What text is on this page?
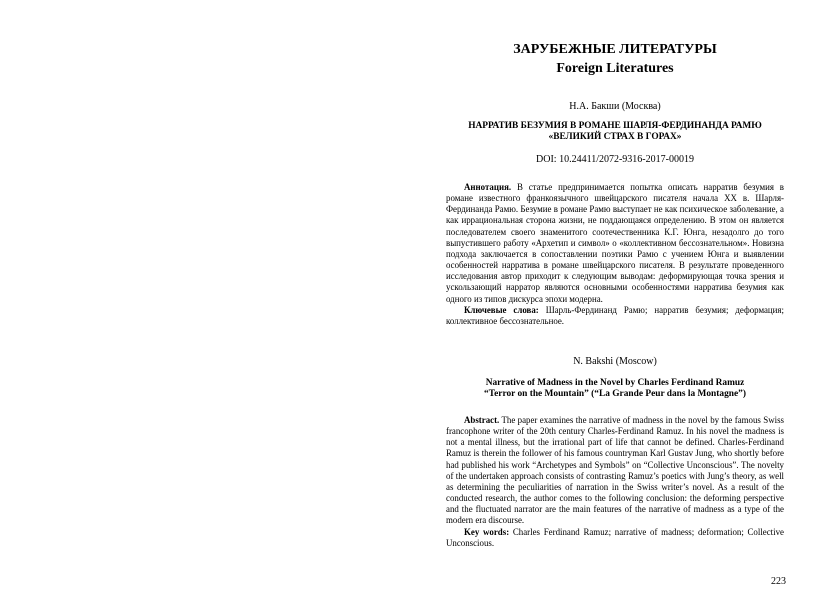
ЗАРУБЕЖНЫЕ ЛИТЕРАТУРЫ
Foreign Literatures
Н.А. Бакши (Москва)
НАРРАТИВ БЕЗУМИЯ В РОМАНЕ ШАРЛЯ-ФЕРДИНАНДА РАМЮ
«ВЕЛИКИЙ СТРАХ В ГОРАХ»
DOI: 10.24411/2072-9316-2017-00019

Аннотация. В статье предпринимается попытка описать нарратив безумия в романе известного франкоязычного швейцарского писателя начала ХХ в. Шарля-Фердинанда Рамю. Безумие в романе Рамю выступает не как психическое заболевание, а как иррациональная сторона жизни, не поддающаяся определению. В этом он является последователем своего знаменитого соотечественника К.Г. Юнга, незадолго до того выпустившего работу «Архетип и символ» о «коллективном бессознательном». Новизна подхода заключается в сопоставлении поэтики Рамю с учением Юнга и выявлении особенностей нарратива в романе швейцарского писателя. В результате проведенного исследования автор приходит к следующим выводам: деформирующая точка зрения и ускользающий нарратор являются основными особенностями нарратива безумия как одного из типов дискурса эпохи модерна.

Ключевые слова: Шарль-Фердинанд Рамю; нарратив безумия; деформация; коллективное бессознательное.

N. Bakshi (Moscow)
Narrative of Madness in the Novel by Charles Ferdinand Ramuz
“Terror on the Mountain” (“La Grande Peur dans la Montagne”)

Abstract. The paper examines the narrative of madness in the novel by the famous Swiss francophone writer of the 20th century Charles-Ferdinand Ramuz. In his novel the madness is not a mental illness, but the irrational part of life that cannot be defined. Charles-Ferdinand Ramuz is therein the follower of his famous countryman Karl Gustav Jung, who shortly before had published his work “Archetypes and Symbols” on “Collective Unconscious”. The novelty of the undertaken approach consists of contrasting Ramuz’s poetics with Jung’s theory, as well as determining the peculiarities of narration in the Swiss writer’s novel. As a result of the conducted research, the author comes to the following conclusion: the deforming perspective and the fluctuated narrator are the main features of the narrative of madness as a type of the modern era discourse.

Key words: Charles Ferdinand Ramuz; narrative of madness; deformation; Collective Unconscious.

223
